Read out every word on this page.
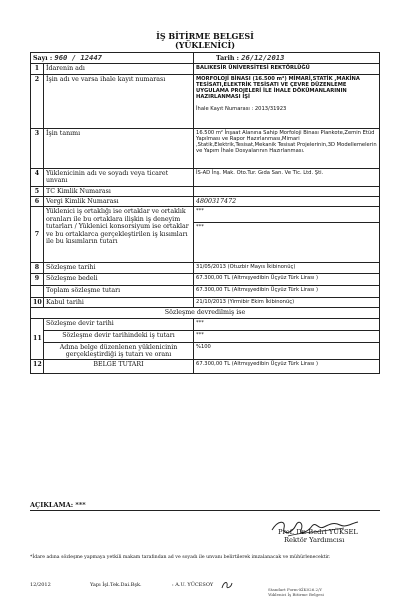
İŞ BİTİRME BELGESİ
(YÜKLENİCİ)
Sayı : 960 / 12447		Tarih : 26/12/2013
1	İdarenin adı	BALIKESİR ÜNİVERSİTESİ REKTÖRLÜĞÜ
2	İşin adı ve varsa ihale kayıt numarası	MORFOLOJİ BİNASI (16.500 m²) MİMARİ,STATİK ,MAKİNA TESİSATI,ELEKTRİK TESİSATI VE ÇEVRE DÜZENLEME UYGULAMA PROJELERİ İLE İHALE DÖKÜMANLARININ HAZIRLANMASI İŞİ
İhale Kayıt Numarası : 2013/31923

3	İşin tanımı	16.500 m² İnşaat Alanına Sahip Morfoloji Binası Plankote,Zemin Etüd Yapılması ve Rapor Hazırlanması,Mimari ,Statik,Elektrik,Tesisat,Mekanik Tesisat Projelerinin,3D Modellemelerin ve Yapım İhale Dosyalarının Hazırlanması.
4	Yüklenicinin adı ve soyadı veya ticaret unvanı	İS-AD İnş. Mak. Oto.Tur. Gıda San. Ve Tic. Ltd. Şti.
5	TC Kimlik Numarası	
6	Vergi Kimlik Numarası	4800317472
7	Yüklenici iş ortaklığı ise ortaklar ve ortaklık oranları ile bu ortaklara ilişkin iş deneyim tutarları / Yüklenici konsorsiyum ise ortaklar ve bu ortaklarca gerçekleştirilen iş kısımları ile bu kısımların tutarı	***
***

8	Sözleşme tarihi	31/05/2013 (Otuzbir Mayıs İkibinonüç)
9	Sözleşme bedeli	67.300,00 TL (Altmışyedibin Üçyüz Türk Lirası )
	Toplam sözleşme tutarı	67.300,00 TL (Altmışyedibin Üçyüz Türk Lirası )
10	Kabul tarihi	21/10/2013 (Yirmibir Ekim İkibinonüç)
Sözleşme devredilmiş ise		
11	Sözleşme devir tarihi	***
	Sözleşme devir tarihindeki iş tutarı	***
	Adına belge düzenlenen yüklenicinin gerçekleştirdiği iş tutarı ve oranı	%100
12	BELGE TUTARI	67.300,00 TL (Altmışyedibin Üçyüz Türk Lirası )
AÇIKLAMA: ***
Prof. Dr. Bedri YÜKSEL
Rektör Yardımcısı
*İdare adına sözleşme yapmaya yetkili makam tarafından ad ve soyadı ile unvanı belirtilerek imzalanacak ve mühürlenecektir.
12/2012	Yapı İşl.Tek.Dai.Bşk.	: A.U. YÜCESOY
Standart Form-KİK026.2/Y
Yüklenici İş Bitirme Belgesi
